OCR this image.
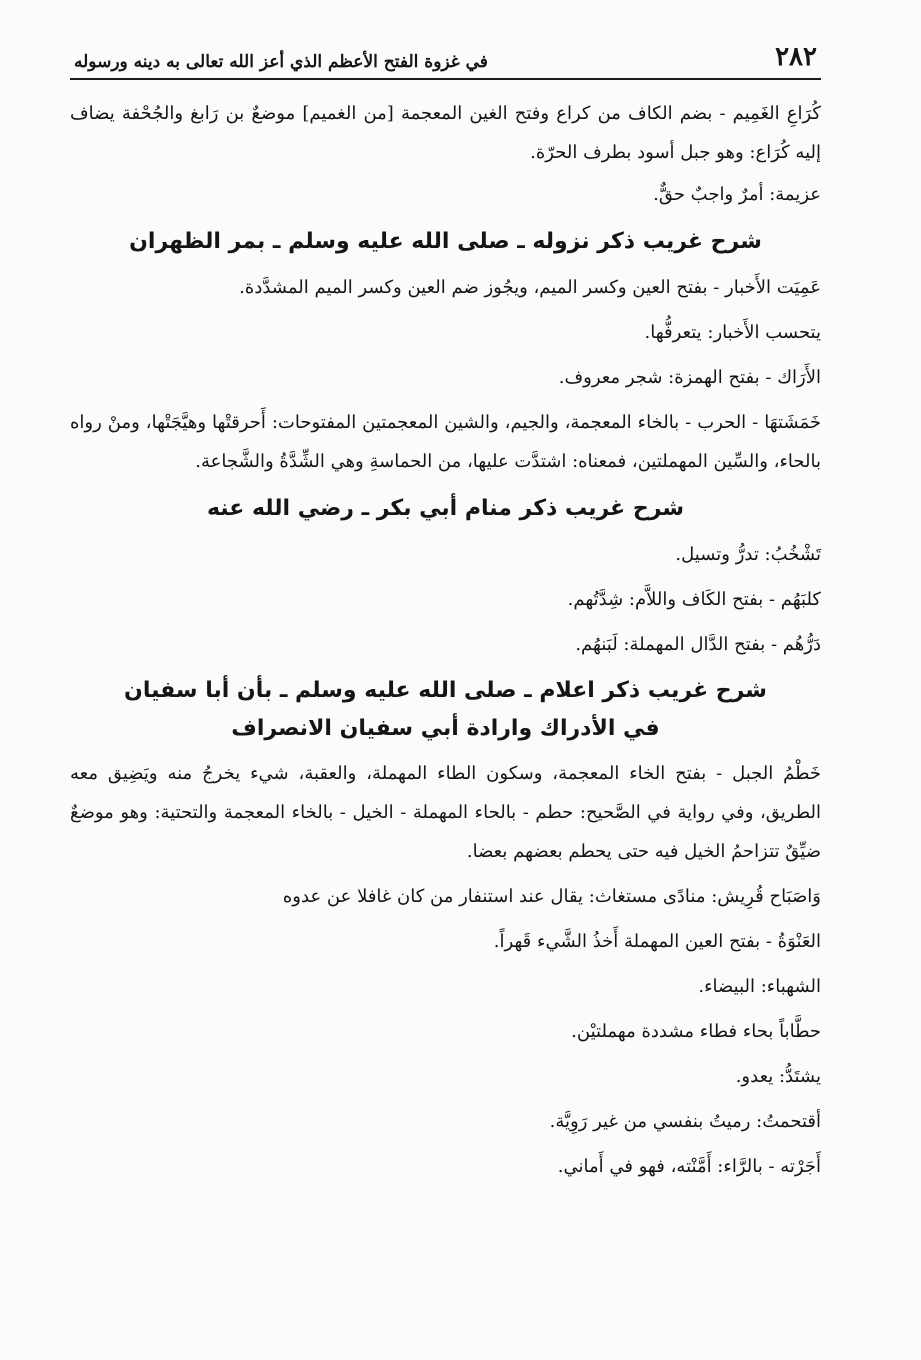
٢٨٢
في غزوة الفتح الأعظم الذي أعز الله تعالى به دينه ورسوله

كُرَاعِ الغَمِيم - بضم الكاف من كراع وفتح الغين المعجمة [من الغميم] موضعٌ بن رَابغ والجُحْفة يضاف إليه كُرَاع: وهو جبل أسود بطرف الحرّة.

عزيمة: أمرٌ واجبٌ حقٌّ.

شرح غريب ذكر نزوله ـ صلى الله عليه وسلم ـ بمر الظهران

عَمِيَت الأَخبار - بفتح العين وكسر الميم، ويجُوز ضم العين وكسر الميم المشدَّدة.

يتحسب الأَخبار: يتعرفُّها.

الأَرَاك - بفتح الهمزة: شجر معروف.

خَمَشَتهَا - الحرب - بالخاء المعجمة، والجيم، والشين المعجمتين المفتوحات: أَحرقتْها وهيَّجَتْها، ومنْ رواه بالحاء، والسِّين المهملتين، فمعناه: اشتدَّت عليها، من الحماسةِ وهي الشِّدَّةُ والشَّجاعة.

شرح غريب ذكر منام أبي بكر ـ رضي الله عنه

تَشْخُبُ: تدرُّ وتسيل.

كلبَهُم - بفتح الكَاف واللاَّم: شِدَّتُهم.

دَرُّهُم - بفتح الدَّال المهملة: لَبَنهُم.

شرح غريب ذكر اعلام ـ صلى الله عليه وسلم ـ بأن أبا سفيان
في الأدراك وارادة أبي سفيان الانصراف

خَطْمُ الجبل - بفتح الخاء المعجمة، وسكون الطاء المهملة، والعقبة، شيء يخرجُ منه ويَضِيق معه الطريق، وفي رواية في الصَّحيح: حطم - بالحاء المهملة - الخيل - بالخاء المعجمة والتحتية: وهو موضعٌ ضيِّقٌ تتزاحمُ الخيل فيه حتى يحطم بعضهم بعضا.

وَاصَبَاح قُرِيش: منادًى مستغاث: يقال عند استنفار من كان غافلا عن عدوه

العَنْوَةُ - بفتح العين المهملة أَخذُ الشَّيء قَهراً.

الشهباء: البيضاء.

حطَّاباً بحاء فطاء مشددة مهملتيْن.

يشتَدُّ: يعدو.

أقتحمتُ: رميتُ بنفسي من غير رَوِيَّة.

أَجَرْته - بالرَّاء: أَمَّنْته، فهو في أَماني.
